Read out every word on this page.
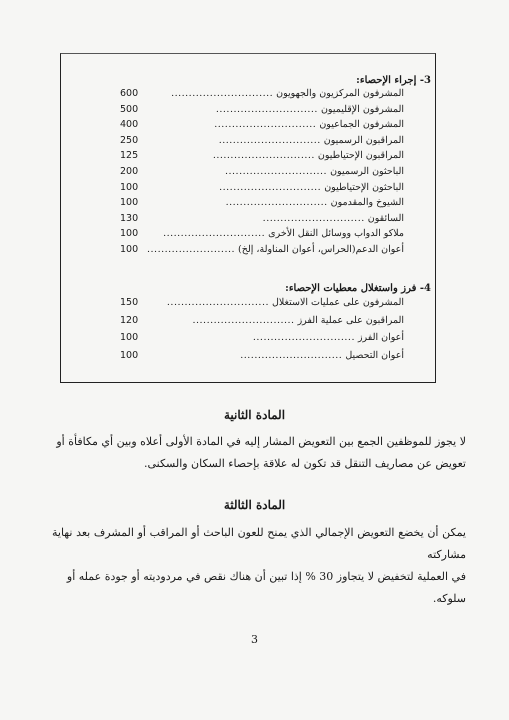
3- إجراء الإحصاء:
600	............................. المشرفون المركزيون والجهويون
500	............................. المشرفون الإقليميون
400	............................. المشرفون الجماعيون
250	............................. المراقبون الرسميون
125	............................. المراقبون الإحتياطيون
200	............................. الباحثون الرسميون
100	............................. الباحثون الإحتياطيون
100	............................. الشيوخ والمقدمون
130	............................. السائقون
100	............................. ملاكو الدواب ووسائل النقل الأخرى
100 ......................... أعوان الدعم(الحراس، أعوان المناولة، إلخ)
4- فرز واستغلال معطيات الإحصاء:
150	............................. المشرفون على عمليات الاستغلال
120	............................. المراقبون على عملية الفرز
100	............................. أعوان الفرز
100	............................. أعوان التحصيل
المادة الثانية
لا يجوز للموظفين الجمع بين التعويض المشار إليه في المادة الأولى أعلاه وبين أي مكافأة أو
تعويض عن مصاريف التنقل قد تكون له علاقة بإحصاء السكان والسكنى.
المادة الثالثة
يمكن أن يخضع التعويض الإجمالي الذي يمنح للعون الباحث أو المراقب أو المشرف بعد نهاية مشاركته
في العملية لتخفيض لا يتجاوز 30 % إذا تبين أن هناك نقص في مردوديته أو جودة عمله أو
سلوكه.
3
